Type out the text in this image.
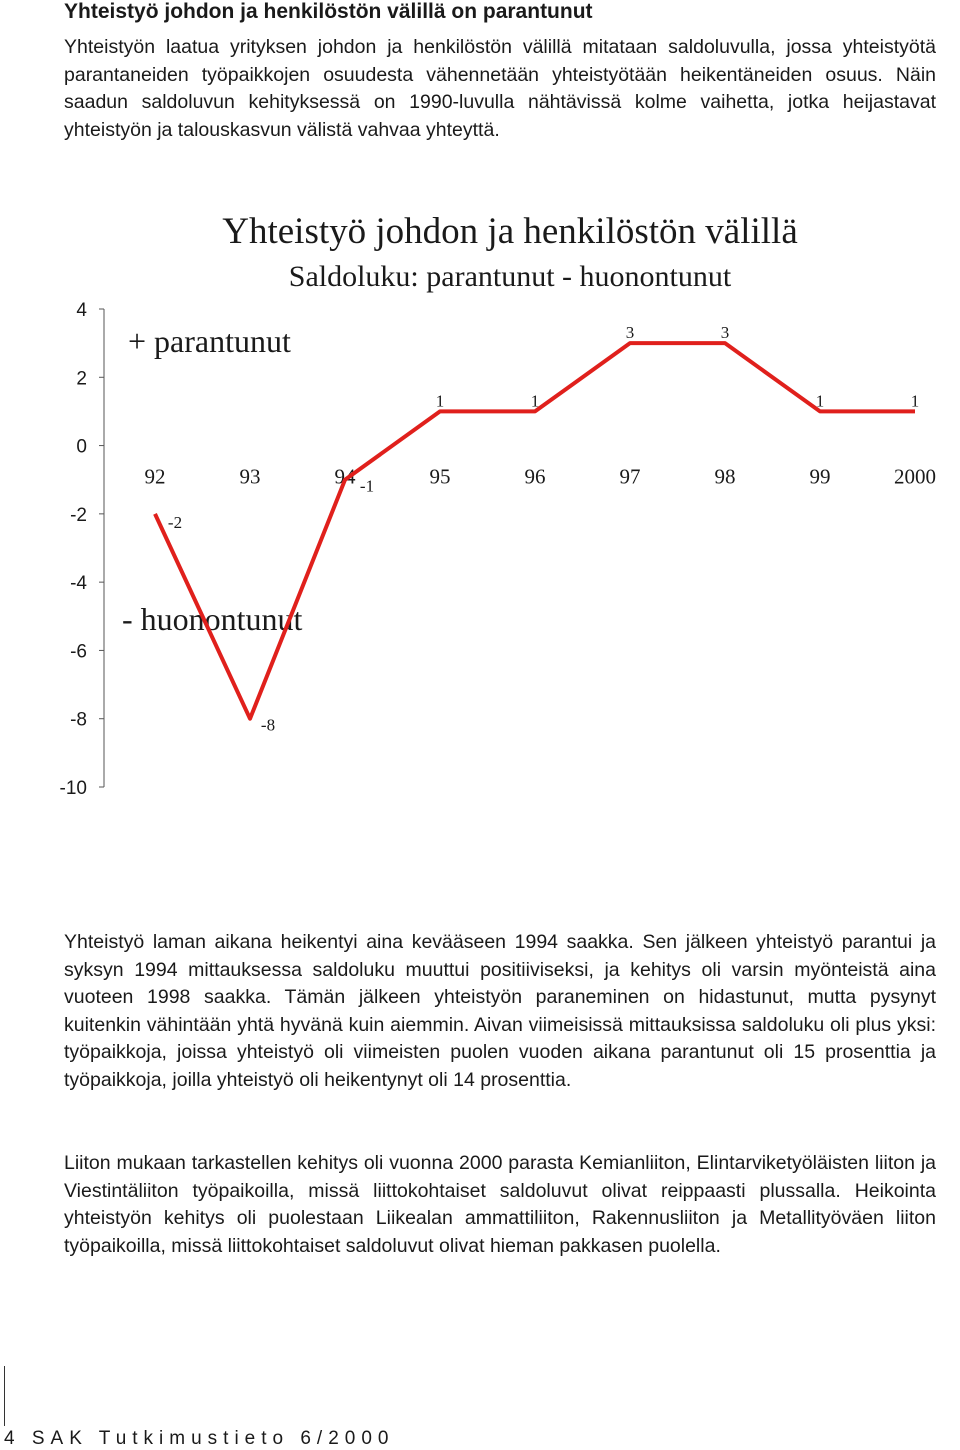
Yhteistyö johdon ja henkilöstön välillä on parantunut

Yhteistyön laatua yrityksen johdon ja henkilöstön välillä mitataan saldoluvulla, jossa yhteistyötä parantaneiden työpaikkojen osuudesta vähennetään yhteistyötään heikentäneiden osuus. Näin saadun saldoluvun kehityksessä on 1990-luvulla nähtävissä kolme vaihetta, jotka heijastavat yhteistyön ja talouskasvun välistä vahvaa yhteyttä.

Yhteistyö johdon ja henkilöstön välillä
Saldoluku: parantunut - huonontunut
4
2
0
-2
-4
-6
-8
-10
92	93	94	95	96	97	98	99	2000
+ parantunut
- huonontunut
-2
-8
-1
1	1
3	3
1	1

Yhteistyö laman aikana heikentyi aina kevääseen 1994 saakka. Sen jälkeen yhteistyö parantui ja syksyn 1994 mittauksessa saldoluku muuttui positiiviseksi, ja kehitys oli varsin myönteistä aina vuoteen 1998 saakka. Tämän jälkeen yhteistyön paraneminen on hidastunut, mutta pysynyt kuitenkin vähintään yhtä hyvänä kuin aiemmin. Aivan viimeisissä mittauksissa saldoluku oli plus yksi: työpaikkoja, joissa yhteistyö oli viimeisten puolen vuoden aikana parantunut oli 15 prosenttia ja työpaikkoja, joilla yhteistyö oli heikentynyt oli 14 prosenttia.

Liiton mukaan tarkastellen kehitys oli vuonna 2000 parasta Kemianliiton, Elintarviketyöläisten liiton ja Viestintäliiton työpaikoilla, missä liittokohtaiset saldoluvut olivat reippaasti plussalla. Heikointa yhteistyön kehitys oli puolestaan Liikealan ammattiliiton, Rakennusliiton ja Metallityöväen liiton työpaikoilla, missä liittokohtaiset saldoluvut olivat hieman pakkasen puolella.

4 SAK Tutkimustieto 6/2000
